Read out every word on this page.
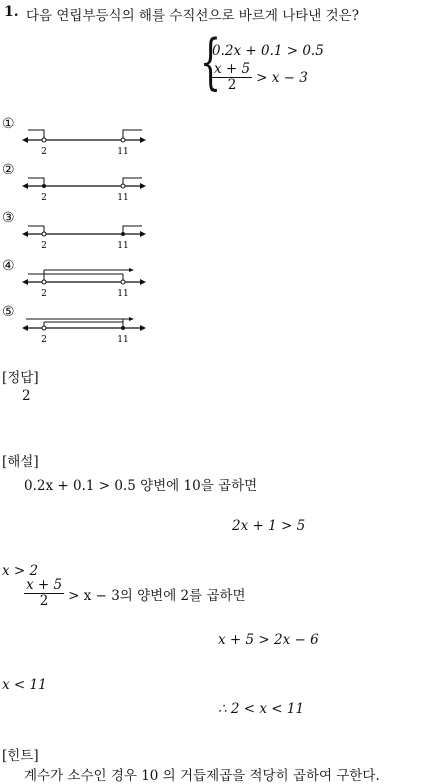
1. 다음 연립부등식의 해를 수직선으로 바르게 나타낸 것은?
{
0.2x + 0.1 > 0.5
$\frac{x + 5}{2} > x - 3$
①
2	11
②
2	11
③
2	11
④
2	11
⑤
2	11
[정답]
2
[해설]
0.2x + 0.1 > 0.5 양변에 10을 곱하면
2x + 1 > 5
x > 2
$\frac{x + 5}{2} > x - 3$의 양변에 2를 곱하면
x + 5 > 2x − 6
x < 11
∴ 2 < x < 11
[힌트]
계수가 소수인 경우 10 의 거듭제곱을 적당히 곱하여 구한다.
